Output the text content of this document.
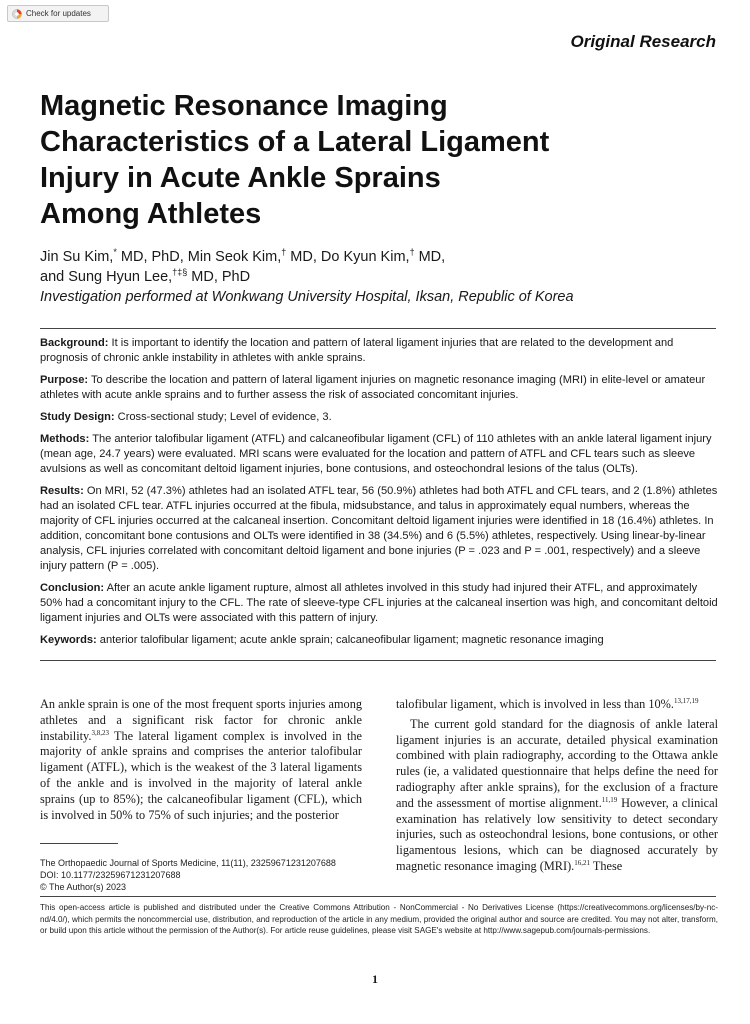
Check for updates
Original Research
Magnetic Resonance Imaging
Characteristics of a Lateral Ligament
Injury in Acute Ankle Sprains
Among Athletes
Jin Su Kim,* MD, PhD, Min Seok Kim,† MD, Do Kyun Kim,† MD,
and Sung Hyun Lee,†‡§ MD, PhD
Investigation performed at Wonkwang University Hospital, Iksan, Republic of Korea

Background: It is important to identify the location and pattern of lateral ligament injuries that are related to the development and prognosis of chronic ankle instability in athletes with ankle sprains.

Purpose: To describe the location and pattern of lateral ligament injuries on magnetic resonance imaging (MRI) in elite-level or amateur athletes with acute ankle sprains and to further assess the risk of associated concomitant injuries.

Study Design: Cross-sectional study; Level of evidence, 3.

Methods: The anterior talofibular ligament (ATFL) and calcaneofibular ligament (CFL) of 110 athletes with an ankle lateral ligament injury (mean age, 24.7 years) were evaluated. MRI scans were evaluated for the location and pattern of ATFL and CFL tears such as sleeve avulsions as well as concomitant deltoid ligament injuries, bone contusions, and osteochondral lesions of the talus (OLTs).

Results: On MRI, 52 (47.3%) athletes had an isolated ATFL tear, 56 (50.9%) athletes had both ATFL and CFL tears, and 2 (1.8%) athletes had an isolated CFL tear. ATFL injuries occurred at the fibula, midsubstance, and talus in approximately equal numbers, whereas the majority of CFL injuries occurred at the calcaneal insertion. Concomitant deltoid ligament injuries were identified in 18 (16.4%) athletes. In addition, concomitant bone contusions and OLTs were identified in 38 (34.5%) and 6 (5.5%) athletes, respectively. Using linear-by-linear analysis, CFL injuries correlated with concomitant deltoid ligament and bone injuries (P = .023 and P = .001, respectively) and a sleeve injury pattern (P = .005).

Conclusion: After an acute ankle ligament rupture, almost all athletes involved in this study had injured their ATFL, and approximately 50% had a concomitant injury to the CFL. The rate of sleeve-type CFL injuries at the calcaneal insertion was high, and concomitant deltoid ligament injuries and OLTs were associated with this pattern of injury.

Keywords: anterior talofibular ligament; acute ankle sprain; calcaneofibular ligament; magnetic resonance imaging

An ankle sprain is one of the most frequent sports injuries among athletes and a significant risk factor for chronic ankle instability.$^{3,8,23}$ The lateral ligament complex is involved in the majority of ankle sprains and comprises the anterior talofibular ligament (ATFL), which is the weakest of the 3 lateral ligaments of the ankle and is involved in the majority of lateral ankle sprains (up to 85%); the calcaneofibular ligament (CFL), which is involved in 50% to 75% of such injuries; and the posterior

talofibular ligament, which is involved in less than 10%.$^{13,17,19}$

The current gold standard for the diagnosis of ankle lateral ligament injuries is an accurate, detailed physical examination combined with plain radiography, according to the Ottawa ankle rules (ie, a validated questionnaire that helps define the need for radiography after ankle sprains), for the exclusion of a fracture and the assessment of mortise alignment.$^{11,19}$ However, a clinical examination has relatively low sensitivity to detect secondary injuries, such as osteochondral lesions, bone contusions, or other ligamentous lesions, which can be diagnosed accurately by magnetic resonance imaging (MRI).$^{16,21}$ These

The Orthopaedic Journal of Sports Medicine, 11(11), 23259671231207688
DOI: 10.1177/23259671231207688
© The Author(s) 2023
This open-access article is published and distributed under the Creative Commons Attribution - NonCommercial - No Derivatives License (https://creativecommons.org/licenses/by-nc-nd/4.0/), which permits the noncommercial use, distribution, and reproduction of the article in any medium, provided the original author and source are credited. You may not alter, transform, or build upon this article without the permission of the Author(s). For article reuse guidelines, please visit SAGE's website at http://www.sagepub.com/journals-permissions.
1
